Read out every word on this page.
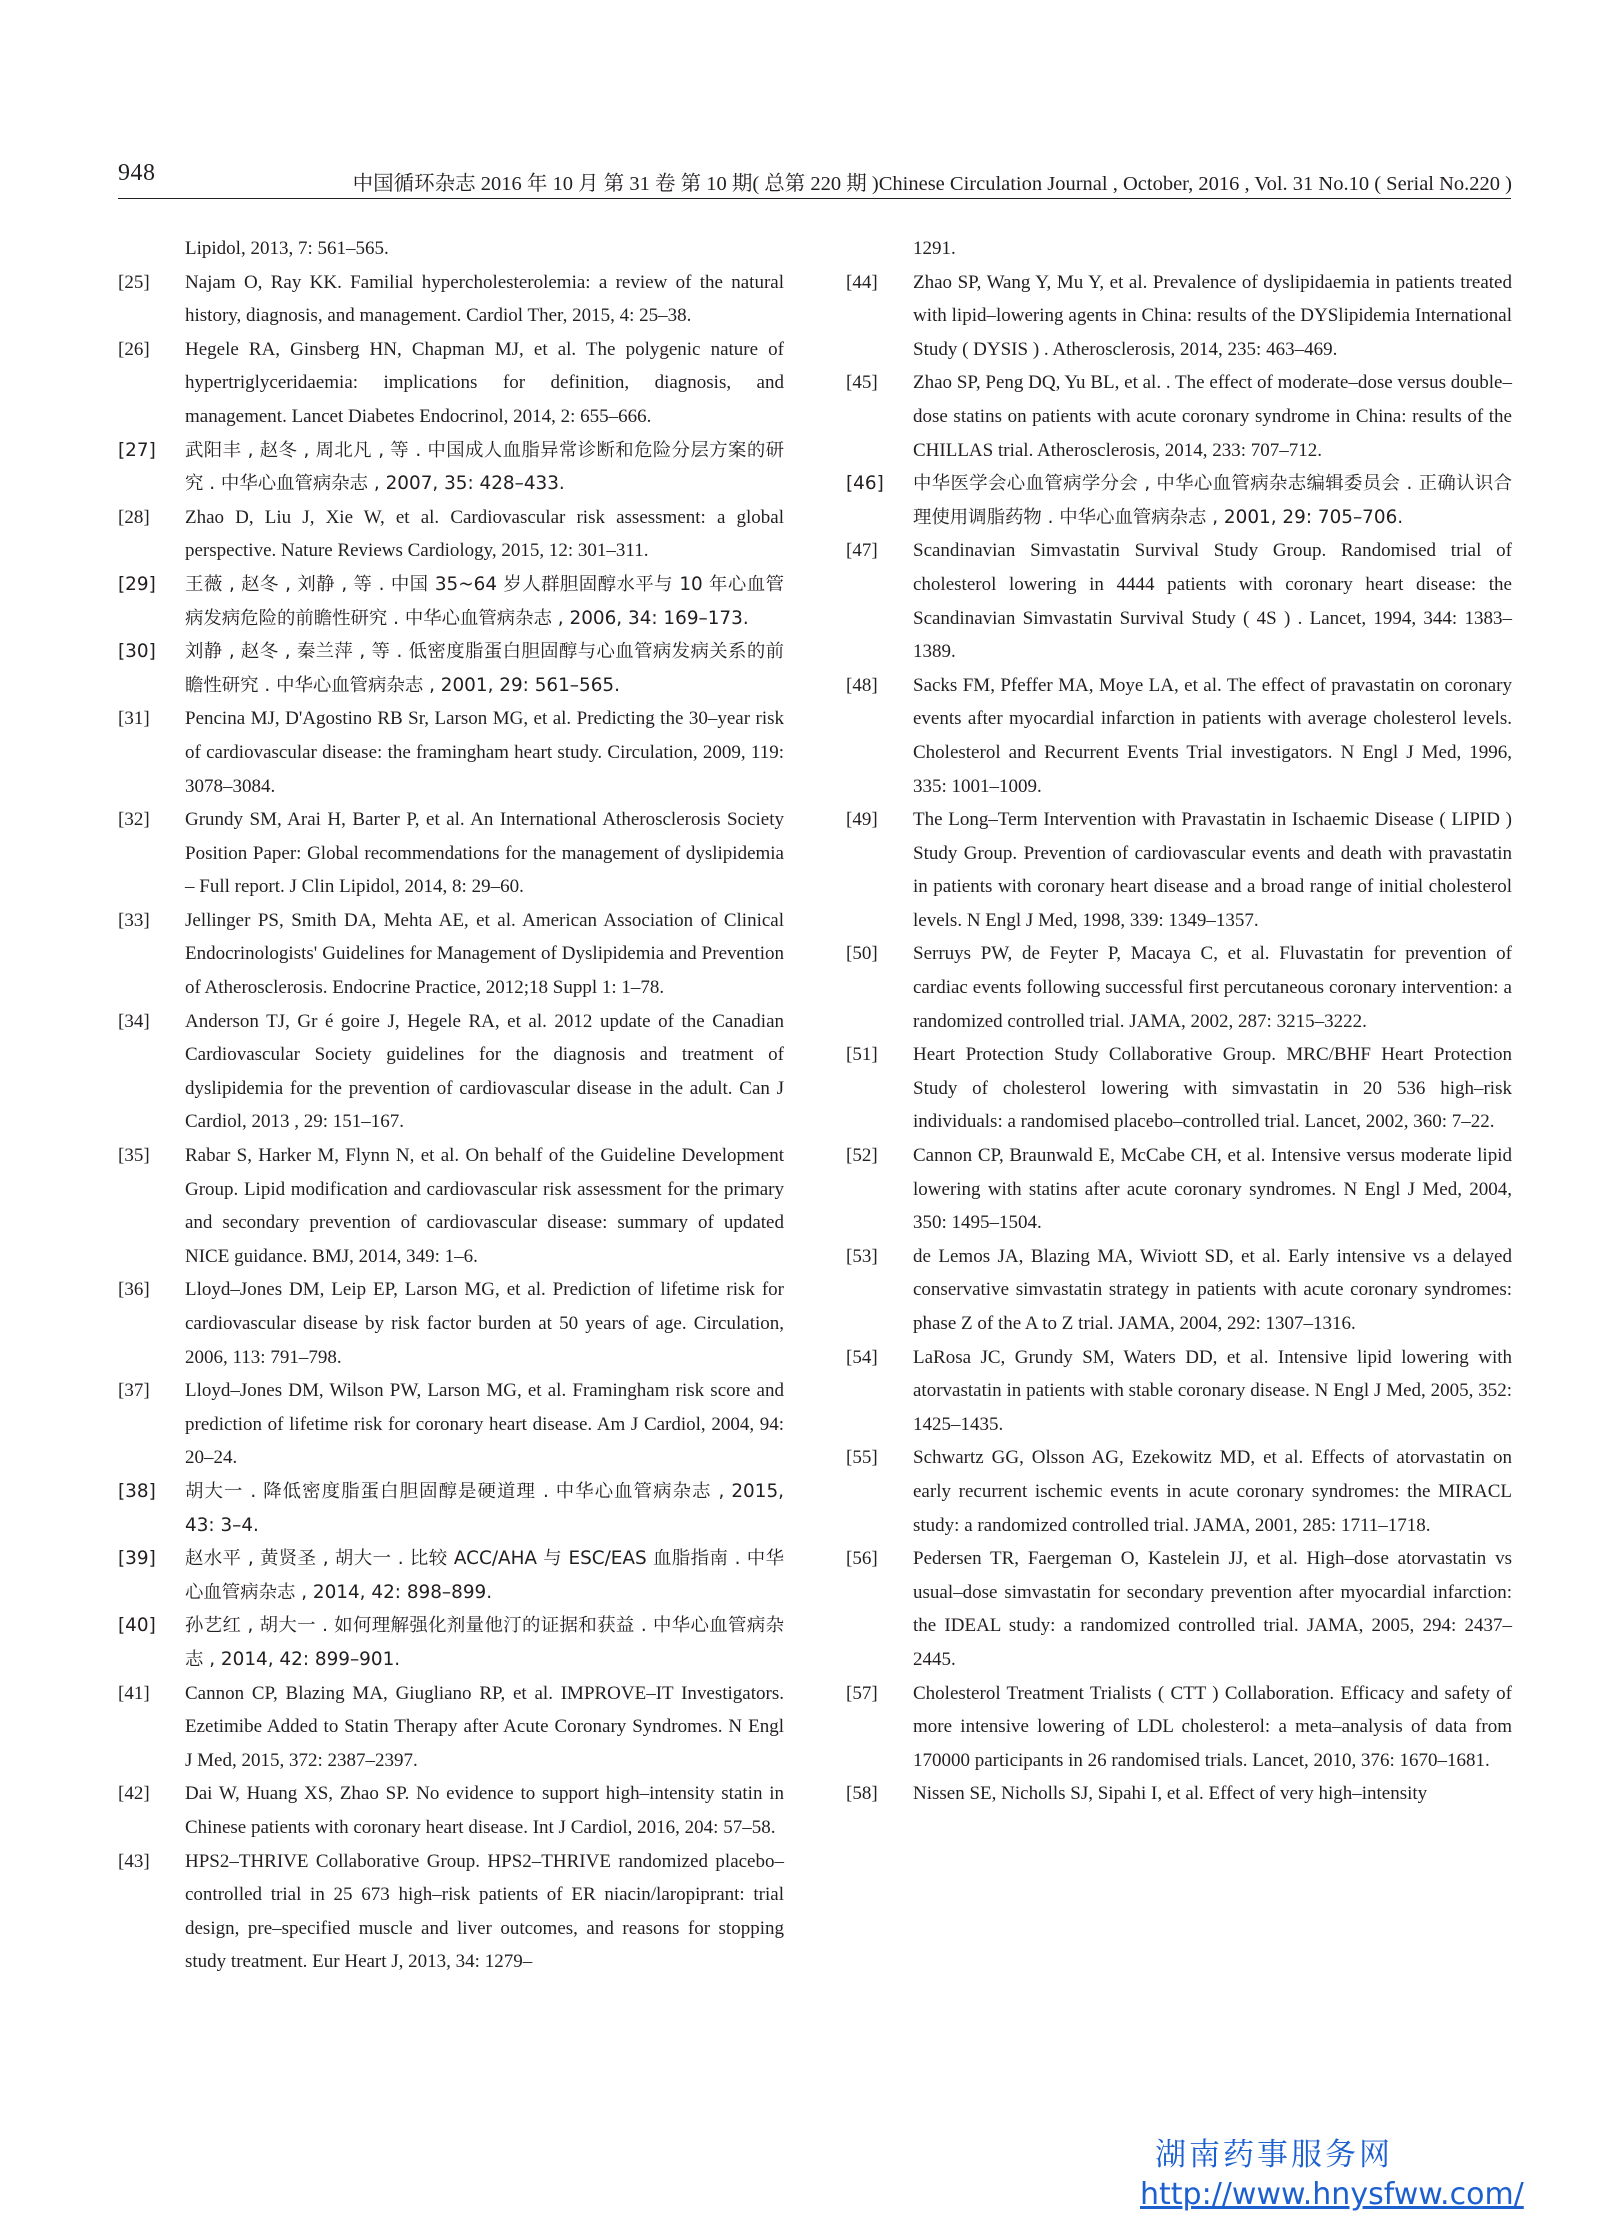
948	中国循环杂志 2016 年 10 月 第 31 卷 第 10 期( 总第 220 期 )Chinese Circulation Journal , October, 2016 , Vol. 31 No.10 ( Serial No.220 )
Lipidol, 2013, 7: 561–565.
[25] Najam O, Ray KK. Familial hypercholesterolemia: a review of the natural history, diagnosis, and management. Cardiol Ther, 2015, 4: 25–38.
[26] Hegele RA, Ginsberg HN, Chapman MJ, et al. The polygenic nature of hypertriglyceridaemia: implications for definition, diagnosis, and management. Lancet Diabetes Endocrinol, 2014, 2: 655–666.
[27] 武阳丰 , 赵冬 , 周北凡 , 等 . 中国成人血脂异常诊断和危险分层方案的研究 . 中华心血管病杂志 , 2007, 35: 428–433.
[28] Zhao D, Liu J, Xie W, et al. Cardiovascular risk assessment: a global perspective. Nature Reviews Cardiology, 2015, 12: 301–311.
[29] 王薇 , 赵冬 , 刘静 , 等 . 中国 35~64 岁人群胆固醇水平与 10 年心血管病发病危险的前瞻性研究 . 中华心血管病杂志 , 2006, 34: 169–173.
[30] 刘静 , 赵冬 , 秦兰萍 , 等 . 低密度脂蛋白胆固醇与心血管病发病关系的前瞻性研究 . 中华心血管病杂志 , 2001, 29: 561–565.
[31] Pencina MJ, D'Agostino RB Sr, Larson MG, et al. Predicting the 30–year risk of cardiovascular disease: the framingham heart study. Circulation, 2009, 119: 3078–3084.
[32] Grundy SM, Arai H, Barter P, et al. An International Atherosclerosis Society Position Paper: Global recommendations for the management of dyslipidemia – Full report. J Clin Lipidol, 2014, 8: 29–60.
[33] Jellinger PS, Smith DA, Mehta AE, et al. American Association of Clinical Endocrinologists' Guidelines for Management of Dyslipidemia and Prevention of Atherosclerosis. Endocrine Practice, 2012;18 Suppl 1: 1–78.
[34] Anderson TJ, Gr é goire J, Hegele RA, et al. 2012 update of the Canadian Cardiovascular Society guidelines for the diagnosis and treatment of dyslipidemia for the prevention of cardiovascular disease in the adult. Can J Cardiol, 2013 , 29: 151–167.
[35] Rabar S, Harker M, Flynn N, et al. On behalf of the Guideline Development Group. Lipid modification and cardiovascular risk assessment for the primary and secondary prevention of cardiovascular disease: summary of updated NICE guidance. BMJ, 2014, 349: 1–6.
[36] Lloyd–Jones DM, Leip EP, Larson MG, et al. Prediction of lifetime risk for cardiovascular disease by risk factor burden at 50 years of age. Circulation, 2006, 113: 791–798.
[37] Lloyd–Jones DM, Wilson PW, Larson MG, et al. Framingham risk score and prediction of lifetime risk for coronary heart disease. Am J Cardiol, 2004, 94: 20–24.
[38] 胡大一 . 降低密度脂蛋白胆固醇是硬道理 . 中华心血管病杂志 , 2015, 43: 3–4.
[39] 赵水平 , 黄贤圣 , 胡大一 . 比较 ACC/AHA 与 ESC/EAS 血脂指南 . 中华心血管病杂志 , 2014, 42: 898–899.
[40] 孙艺红 , 胡大一 . 如何理解强化剂量他汀的证据和获益 . 中华心血管病杂志 , 2014, 42: 899–901.
[41] Cannon CP, Blazing MA, Giugliano RP, et al. IMPROVE–IT Investigators. Ezetimibe Added to Statin Therapy after Acute Coronary Syndromes. N Engl J Med, 2015, 372: 2387–2397.
[42] Dai W, Huang XS, Zhao SP. No evidence to support high–intensity statin in Chinese patients with coronary heart disease. Int J Cardiol, 2016, 204: 57–58.
[43] HPS2–THRIVE Collaborative Group. HPS2–THRIVE randomized placebo–controlled trial in 25 673 high–risk patients of ER niacin/laropiprant: trial design, pre–specified muscle and liver outcomes, and reasons for stopping study treatment. Eur Heart J, 2013, 34: 1279–
1291.
[44] Zhao SP, Wang Y, Mu Y, et al. Prevalence of dyslipidaemia in patients treated with lipid–lowering agents in China: results of the DYSlipidemia International Study ( DYSIS ) . Atherosclerosis, 2014, 235: 463–469.
[45] Zhao SP, Peng DQ, Yu BL, et al. . The effect of moderate–dose versus double–dose statins on patients with acute coronary syndrome in China: results of the CHILLAS trial. Atherosclerosis, 2014, 233: 707–712.
[46] 中华医学会心血管病学分会 , 中华心血管病杂志编辑委员会 . 正确认识合理使用调脂药物 . 中华心血管病杂志 , 2001, 29: 705–706.
[47] Scandinavian Simvastatin Survival Study Group. Randomised trial of cholesterol lowering in 4444 patients with coronary heart disease: the Scandinavian Simvastatin Survival Study ( 4S ) . Lancet, 1994, 344: 1383–1389.
[48] Sacks FM, Pfeffer MA, Moye LA, et al. The effect of pravastatin on coronary events after myocardial infarction in patients with average cholesterol levels. Cholesterol and Recurrent Events Trial investigators. N Engl J Med, 1996, 335: 1001–1009.
[49] The Long–Term Intervention with Pravastatin in Ischaemic Disease ( LIPID ) Study Group. Prevention of cardiovascular events and death with pravastatin in patients with coronary heart disease and a broad range of initial cholesterol levels. N Engl J Med, 1998, 339: 1349–1357.
[50] Serruys PW, de Feyter P, Macaya C, et al. Fluvastatin for prevention of cardiac events following successful first percutaneous coronary intervention: a randomized controlled trial. JAMA, 2002, 287: 3215–3222.
[51] Heart Protection Study Collaborative Group. MRC/BHF Heart Protection Study of cholesterol lowering with simvastatin in 20 536 high–risk individuals: a randomised placebo–controlled trial. Lancet, 2002, 360: 7–22.
[52] Cannon CP, Braunwald E, McCabe CH, et al. Intensive versus moderate lipid lowering with statins after acute coronary syndromes. N Engl J Med, 2004, 350: 1495–1504.
[53] de Lemos JA, Blazing MA, Wiviott SD, et al. Early intensive vs a delayed conservative simvastatin strategy in patients with acute coronary syndromes: phase Z of the A to Z trial. JAMA, 2004, 292: 1307–1316.
[54] LaRosa JC, Grundy SM, Waters DD, et al. Intensive lipid lowering with atorvastatin in patients with stable coronary disease. N Engl J Med, 2005, 352: 1425–1435.
[55] Schwartz GG, Olsson AG, Ezekowitz MD, et al. Effects of atorvastatin on early recurrent ischemic events in acute coronary syndromes: the MIRACL study: a randomized controlled trial. JAMA, 2001, 285: 1711–1718.
[56] Pedersen TR, Faergeman O, Kastelein JJ, et al. High–dose atorvastatin vs usual–dose simvastatin for secondary prevention after myocardial infarction: the IDEAL study: a randomized controlled trial. JAMA, 2005, 294: 2437–2445.
[57] Cholesterol Treatment Trialists ( CTT ) Collaboration. Efficacy and safety of more intensive lowering of LDL cholesterol: a meta–analysis of data from 170000 participants in 26 randomised trials. Lancet, 2010, 376: 1670–1681.
[58] Nissen SE, Nicholls SJ, Sipahi I, et al. Effect of very high–intensity
湖南药事服务网
http://www.hnysfww.com/
